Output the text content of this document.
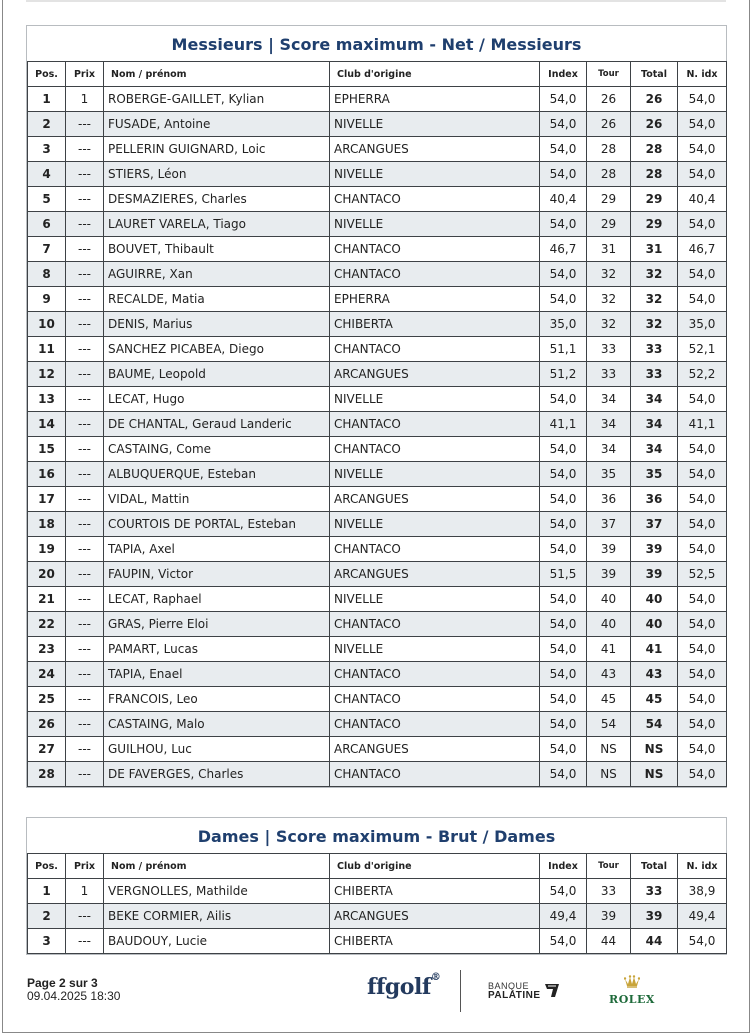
Messieurs | Score maximum - Net / Messieurs
Pos.	Prix	Nom / prénom	Club d'origine	Index	Tour	Total	N. idx
1	1	ROBERGE-GAILLET, Kylian	EPHERRA	54,0	26	26	54,0
2	---	FUSADE, Antoine	NIVELLE	54,0	26	26	54,0
3	---	PELLERIN GUIGNARD, Loic	ARCANGUES	54,0	28	28	54,0
4	---	STIERS, Léon	NIVELLE	54,0	28	28	54,0
5	---	DESMAZIERES, Charles	CHANTACO	40,4	29	29	40,4
6	---	LAURET VARELA, Tiago	NIVELLE	54,0	29	29	54,0
7	---	BOUVET, Thibault	CHANTACO	46,7	31	31	46,7
8	---	AGUIRRE, Xan	CHANTACO	54,0	32	32	54,0
9	---	RECALDE, Matia	EPHERRA	54,0	32	32	54,0
10	---	DENIS, Marius	CHIBERTA	35,0	32	32	35,0
11	---	SANCHEZ PICABEA, Diego	CHANTACO	51,1	33	33	52,1
12	---	BAUME, Leopold	ARCANGUES	51,2	33	33	52,2
13	---	LECAT, Hugo	NIVELLE	54,0	34	34	54,0
14	---	DE CHANTAL, Geraud Landeric	CHANTACO	41,1	34	34	41,1
15	---	CASTAING, Come	CHANTACO	54,0	34	34	54,0
16	---	ALBUQUERQUE, Esteban	NIVELLE	54,0	35	35	54,0
17	---	VIDAL, Mattin	ARCANGUES	54,0	36	36	54,0
18	---	COURTOIS DE PORTAL, Esteban	NIVELLE	54,0	37	37	54,0
19	---	TAPIA, Axel	CHANTACO	54,0	39	39	54,0
20	---	FAUPIN, Victor	ARCANGUES	51,5	39	39	52,5
21	---	LECAT, Raphael	NIVELLE	54,0	40	40	54,0
22	---	GRAS, Pierre Eloi	CHANTACO	54,0	40	40	54,0
23	---	PAMART, Lucas	NIVELLE	54,0	41	41	54,0
24	---	TAPIA, Enael	CHANTACO	54,0	43	43	54,0
25	---	FRANCOIS, Leo	CHANTACO	54,0	45	45	54,0
26	---	CASTAING, Malo	CHANTACO	54,0	54	54	54,0
27	---	GUILHOU, Luc	ARCANGUES	54,0	NS	NS	54,0
28	---	DE FAVERGES, Charles	CHANTACO	54,0	NS	NS	54,0
Dames | Score maximum - Brut / Dames
Pos.	Prix	Nom / prénom	Club d'origine	Index	Tour	Total	N. idx
1	1	VERGNOLLES, Mathilde	CHIBERTA	54,0	33	33	38,9
2	---	BEKE CORMIER, Ailis	ARCANGUES	49,4	39	39	49,4
3	---	BAUDOUY, Lucie	CHIBERTA	54,0	44	44	54,0
Page 2 sur 3
09.04.2025 18:30	ffgolf®
BANQUE
PALATINE	ROLEX
